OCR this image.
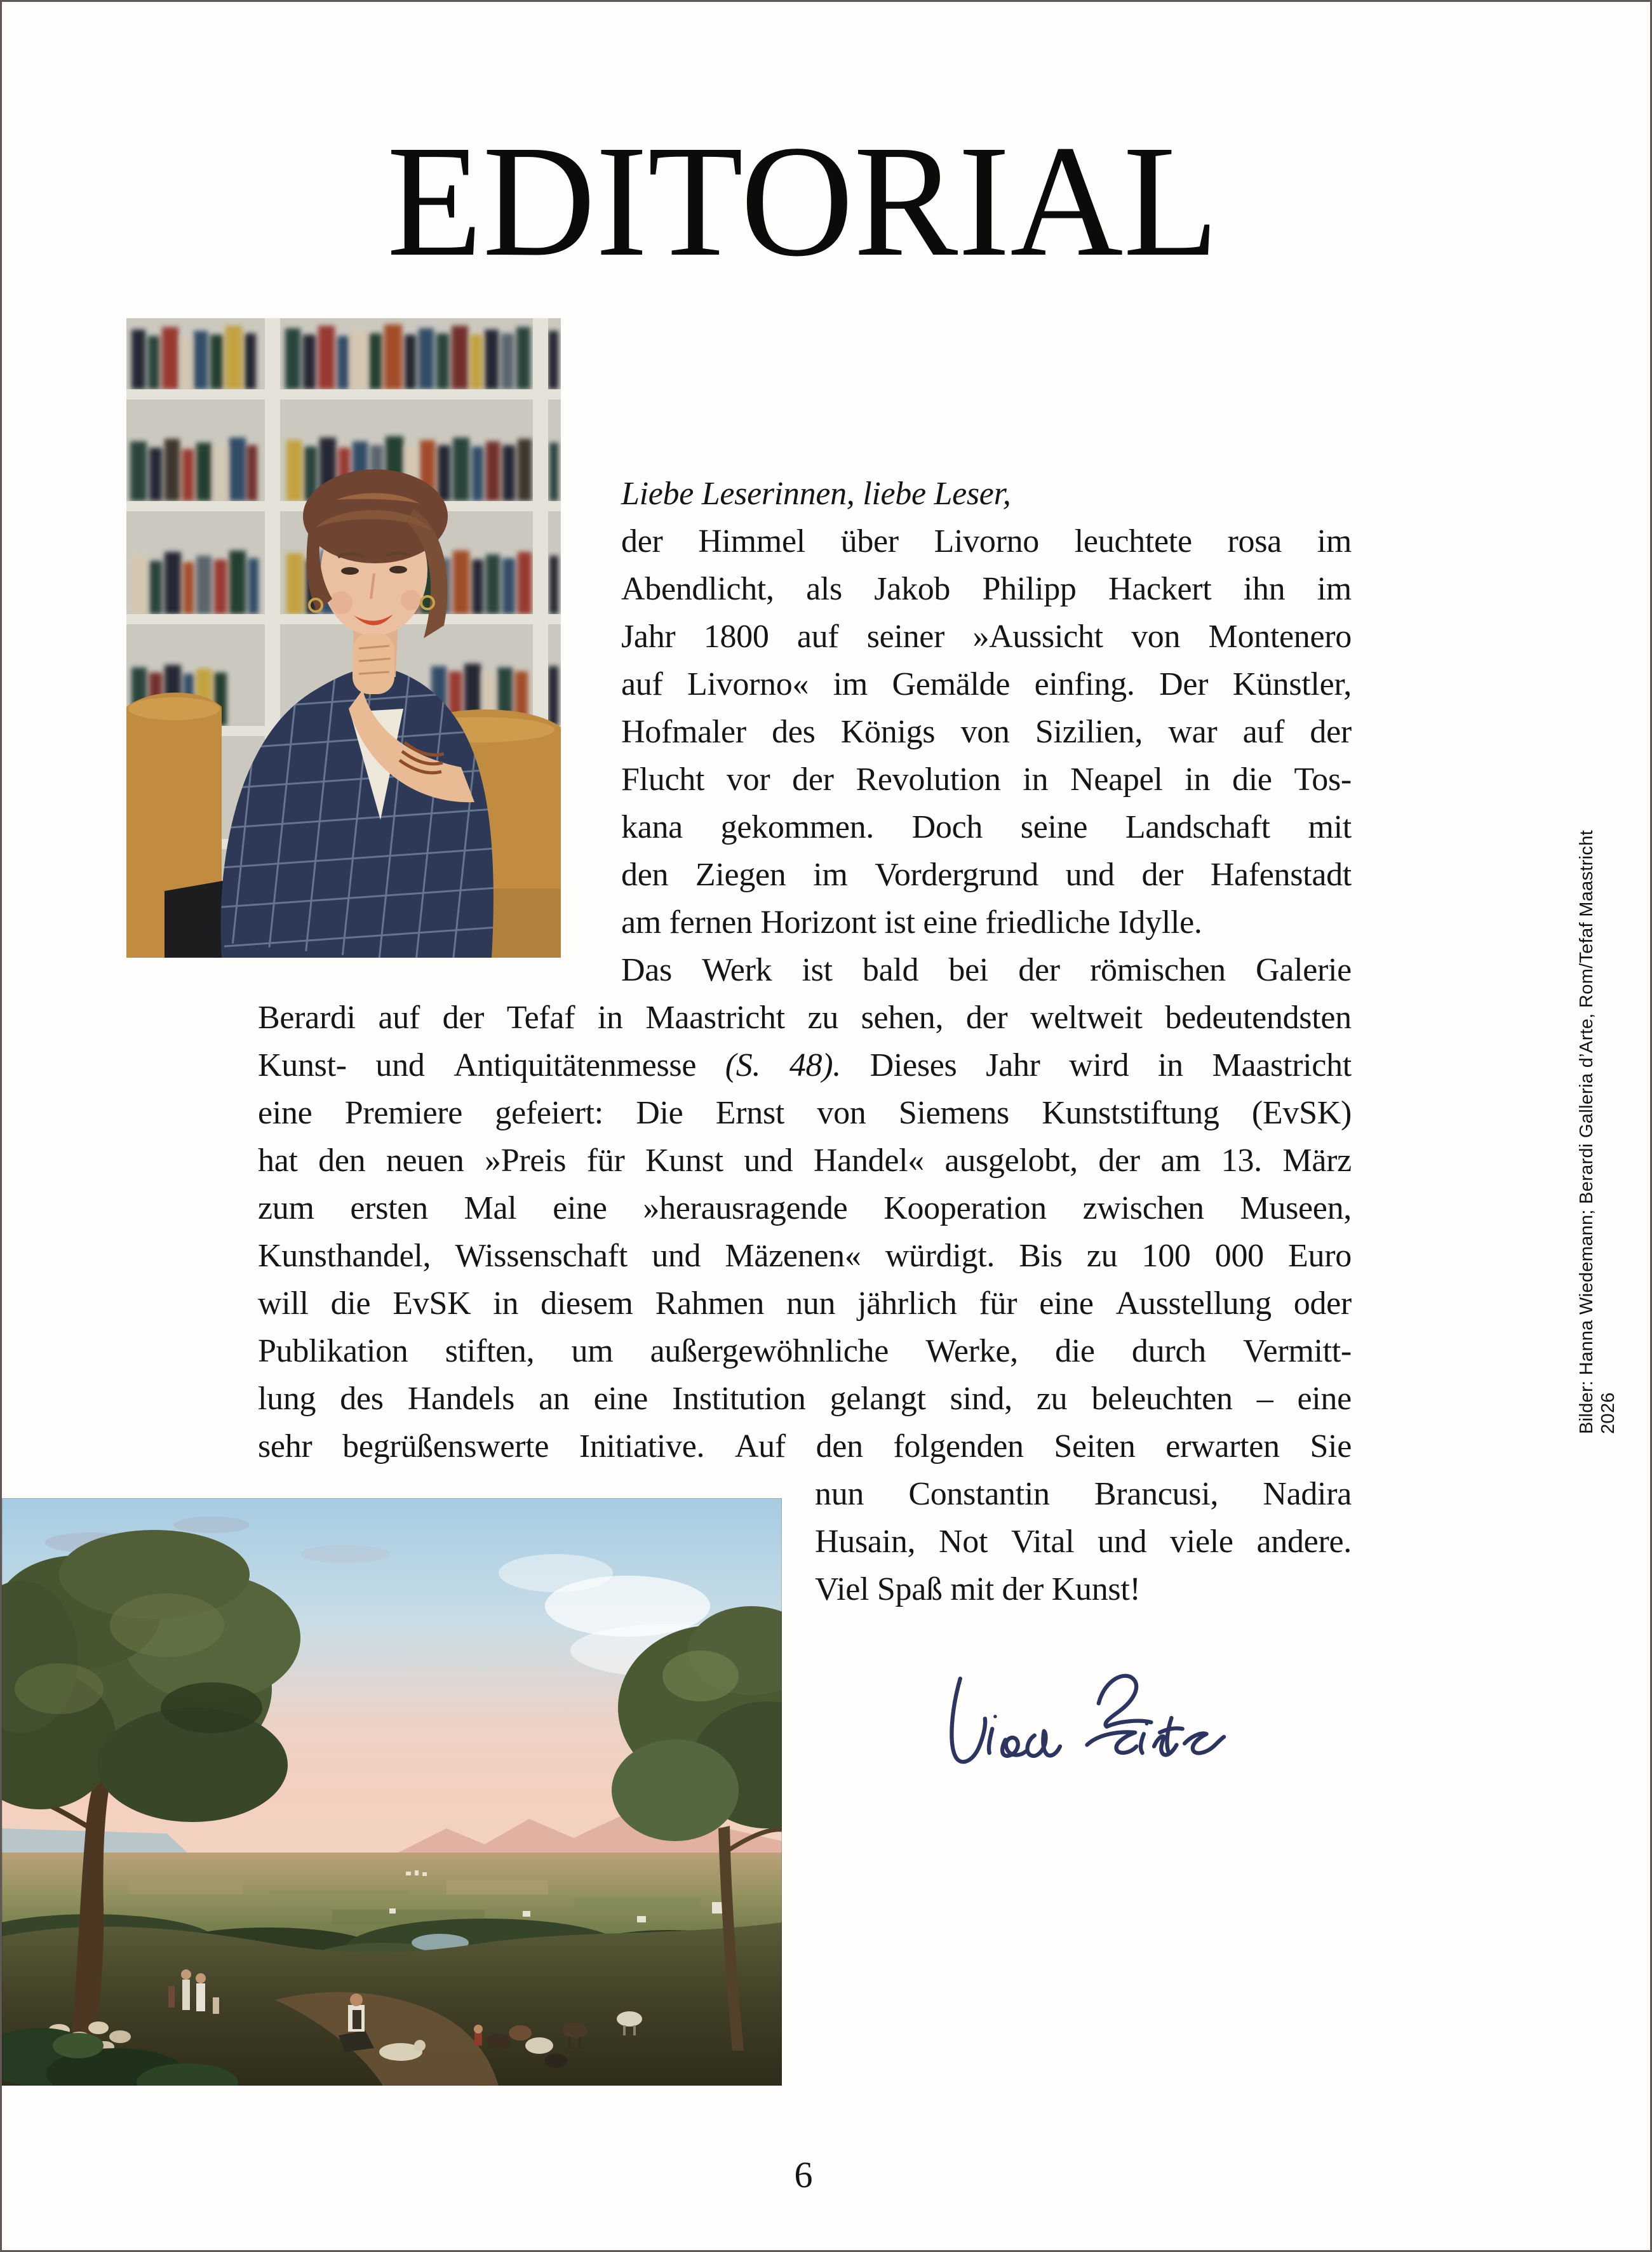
EDITORIAL
Liebe Leserinnen, liebe Leser,
der Himmel über Livorno leuchtete rosa im
Abendlicht, als Jakob Philipp Hackert ihn im
Jahr 1800 auf seiner »Aussicht von Montenero
auf Livorno« im Gemälde einfing. Der Künstler,
Hofmaler des Königs von Sizilien, war auf der
Flucht vor der Revolution in Neapel in die Tos-
kana gekommen. Doch seine Landschaft mit
den Ziegen im Vordergrund und der Hafenstadt
am fernen Horizont ist eine friedliche Idylle.
Das Werk ist bald bei der römischen Galerie
Berardi auf der Tefaf in Maastricht zu sehen, der weltweit bedeutendsten
Kunst- und Antiquitätenmesse (S. 48). Dieses Jahr wird in Maastricht
eine Premiere gefeiert: Die Ernst von Siemens Kunststiftung (EvSK)
hat den neuen »Preis für Kunst und Handel« ausgelobt, der am 13. März
zum ersten Mal eine »herausragende Kooperation zwischen Museen,
Kunsthandel, Wissenschaft und Mäzenen« würdigt. Bis zu 100 000 Euro
will die EvSK in diesem Rahmen nun jährlich für eine Ausstellung oder
Publikation stiften, um außergewöhnliche Werke, die durch Vermitt-
lung des Handels an eine Institution gelangt sind, zu beleuchten – eine
sehr begrüßenswerte Initiative. Auf den folgenden Seiten erwarten Sie
nun Constantin Brancusi, Nadira
Husain, Not Vital und viele andere.
Viel Spaß mit der Kunst!
Bilder: Hanna Wiedemann; Berardi Galleria d’Arte, Rom/Tefaf Maastricht 2026
6
